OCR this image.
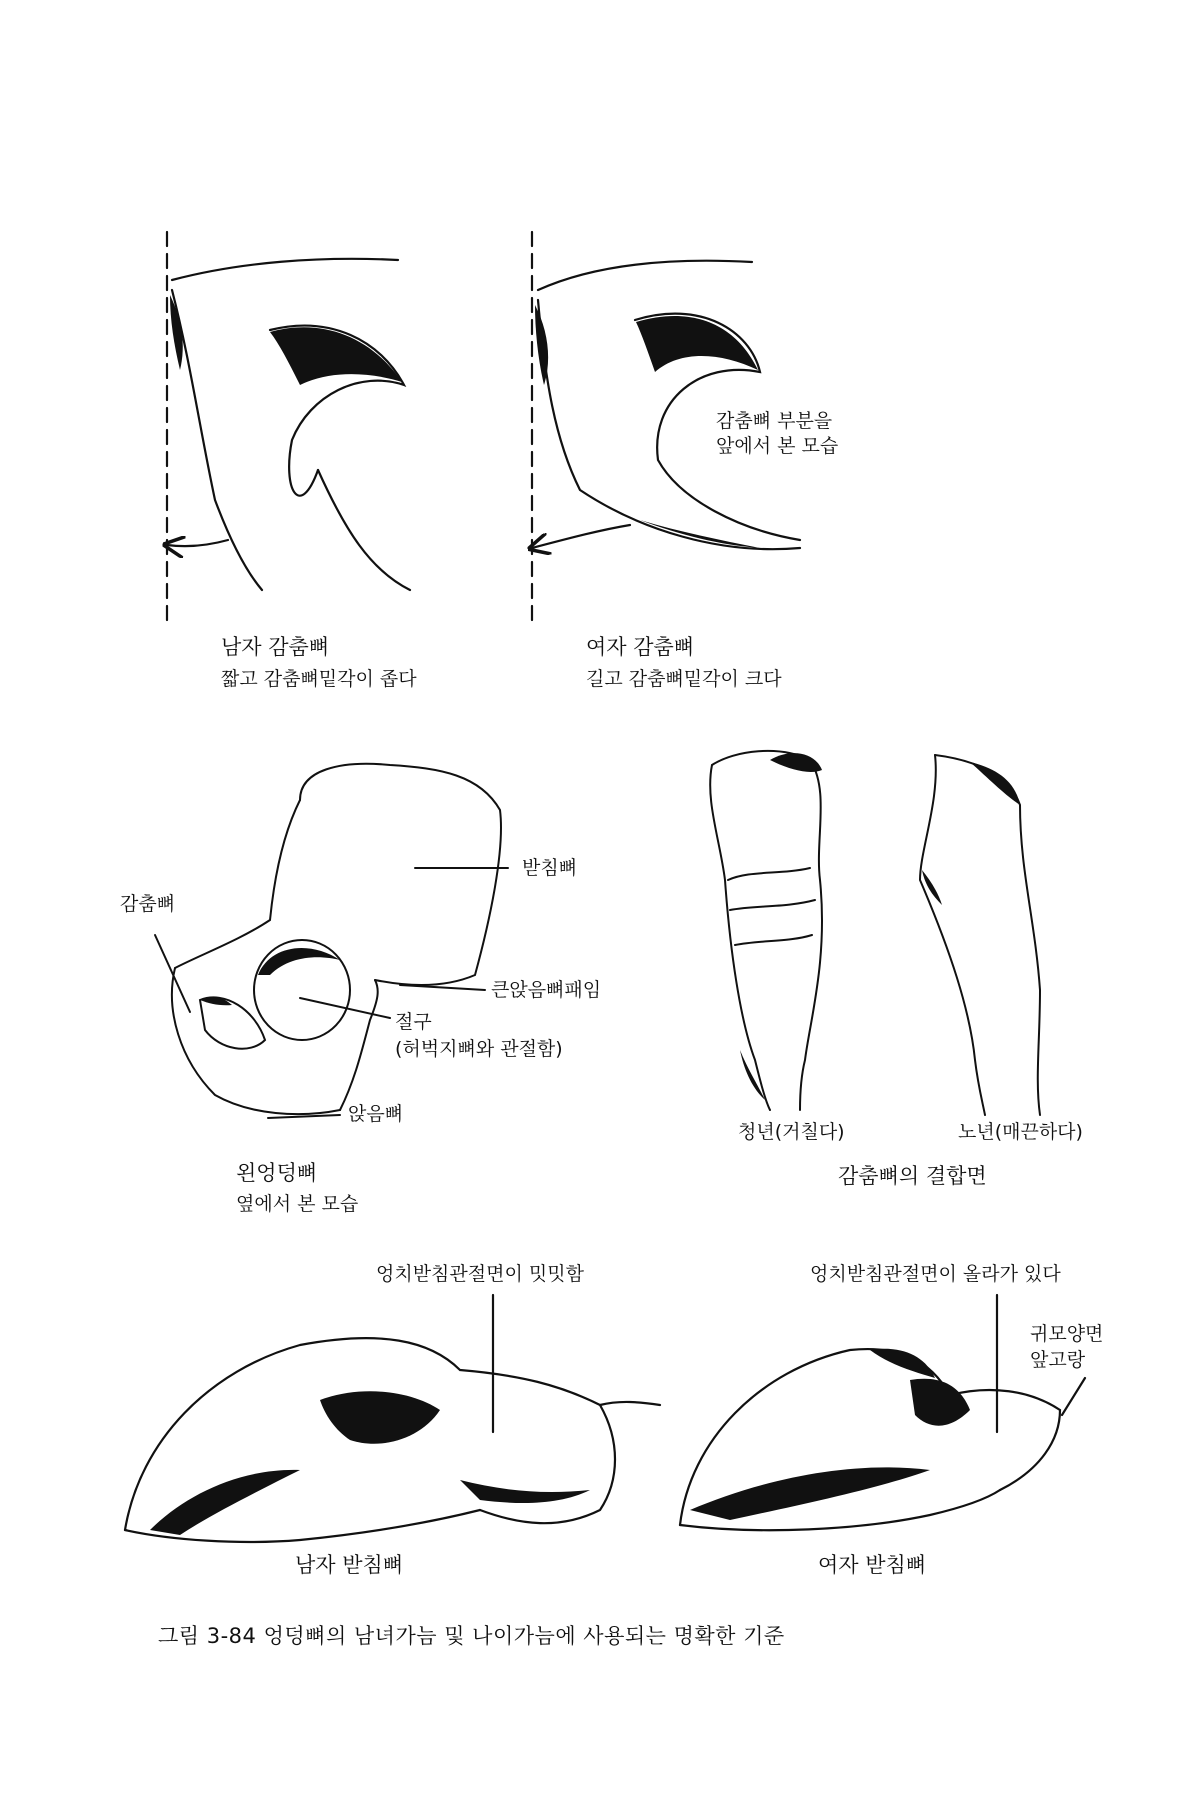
감춤뼈 부분을
앞에서 본 모습
남자 감춤뼈
짧고 감춤뼈밑각이 좁다
여자 감춤뼈
길고 감춤뼈밑각이 크다
감춤뼈
받침뼈
큰앉음뼈패임
절구
(허벅지뼈와 관절함)
앉음뼈
왼엉덩뼈
옆에서 본 모습
청년(거칠다)	노년(매끈하다)
감춤뼈의 결합면
엉치받침관절면이 밋밋함	엉치받침관절면이 올라가 있다
귀모양면
앞고랑
남자 받침뼈	여자 받침뼈
그림 3-84 엉덩뼈의 남녀가늠 및 나이가늠에 사용되는 명확한 기준
